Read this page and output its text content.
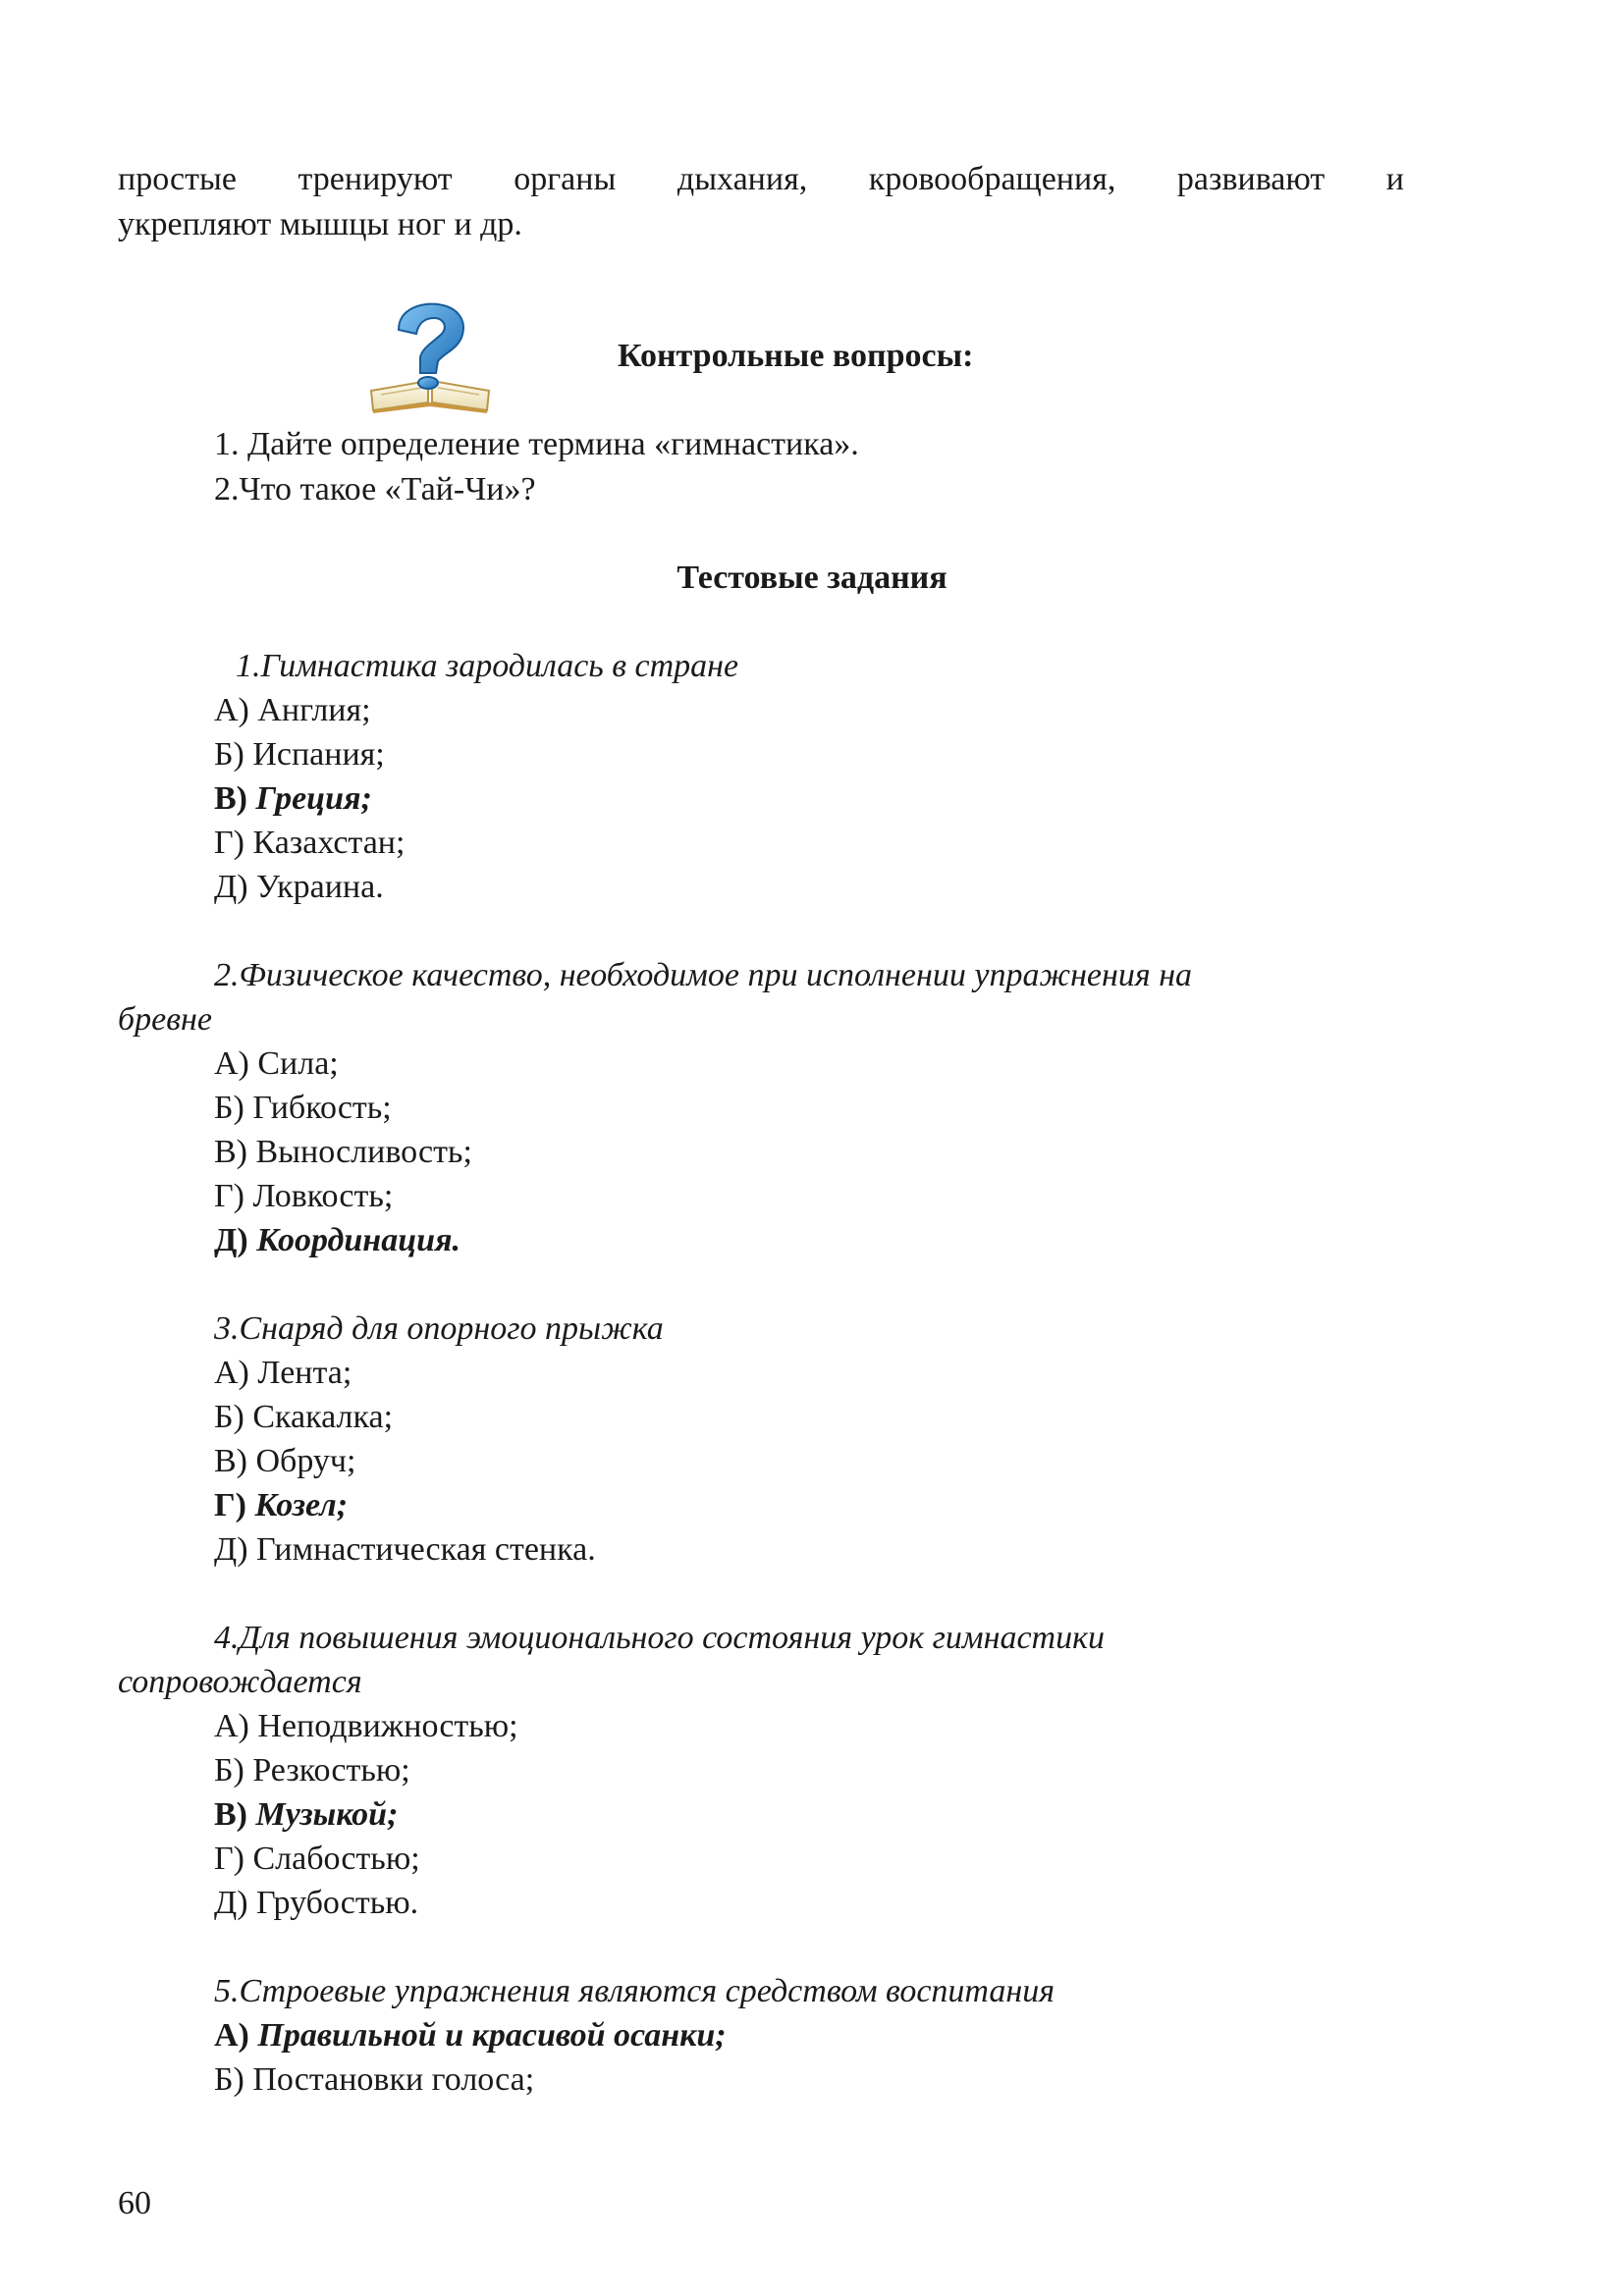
простые тренируют органы дыхания, кровообращения, развивают и
укрепляют мышцы ног и др.
Контрольные вопросы:
1. Дайте определение термина «гимнастика».
2.Что такое «Тай-Чи»?
Тестовые задания
1.Гимнастика зародилась в стране
А) Англия;
Б) Испания;
В) Греция;
Г) Казахстан;
Д) Украина.
2.Физическое качество, необходимое при исполнении упражнения на
бревне
А) Сила;
Б) Гибкость;
В) Выносливость;
Г) Ловкость;
Д) Координация.
3.Снаряд для опорного прыжка
А) Лента;
Б) Скакалка;
В) Обруч;
Г) Козел;
Д) Гимнастическая стенка.
4.Для повышения эмоционального состояния урок гимнастики
сопровождается
А) Неподвижностью;
Б) Резкостью;
В) Музыкой;
Г) Слабостью;
Д) Грубостью.
5.Строевые упражнения являются средством воспитания
А) Правильной и красивой осанки;
Б) Постановки голоса;
60
